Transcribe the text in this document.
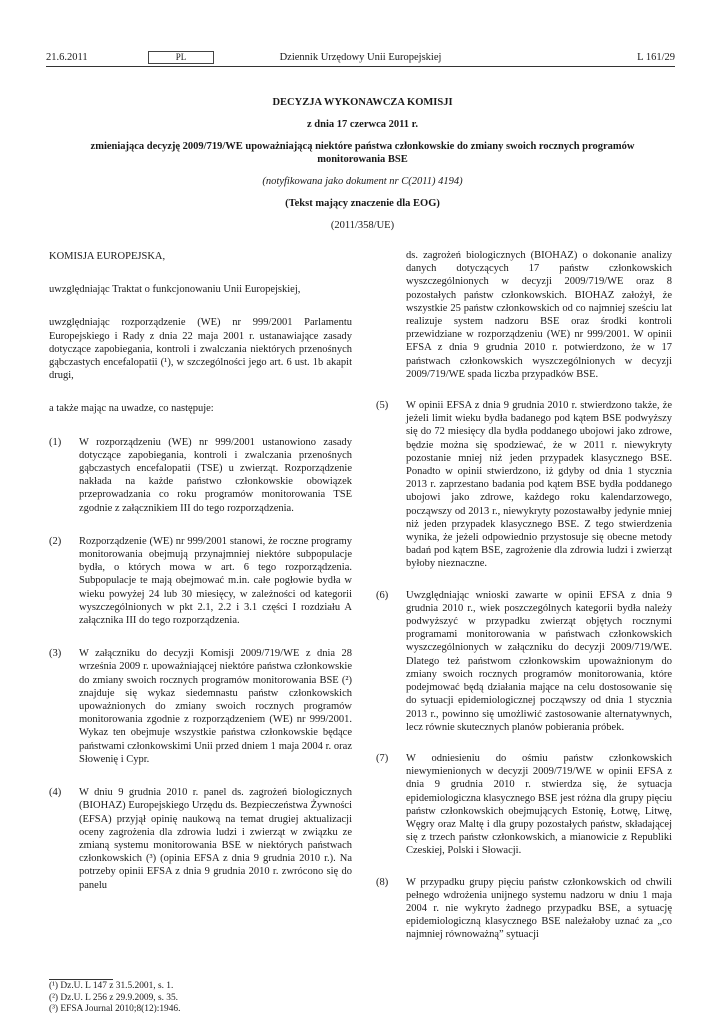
21.6.2011	PL	Dziennik Urzędowy Unii Europejskiej	L 161/29
DECYZJA WYKONAWCZA KOMISJI
z dnia 17 czerwca 2011 r.
zmieniająca decyzję 2009/719/WE upoważniającą niektóre państwa członkowskie do zmiany swoich rocznych programów monitorowania BSE
(notyfikowana jako dokument nr C(2011) 4194)
(Tekst mający znaczenie dla EOG)
(2011/358/UE)

KOMISJA EUROPEJSKA,

uwzględniając Traktat o funkcjonowaniu Unii Europejskiej,

uwzględniając rozporządzenie (WE) nr 999/2001 Parlamentu Europejskiego i Rady z dnia 22 maja 2001 r. ustanawiające zasady dotyczące zapobiegania, kontroli i zwalczania niektórych przenośnych gąbczastych encefalopatii (¹), w szczególności jego art. 6 ust. 1b akapit drugi,

a także mając na uwadze, co następuje:

(1) W rozporządzeniu (WE) nr 999/2001 ustanowiono zasady dotyczące zapobiegania, kontroli i zwalczania przenośnych gąbczastych encefalopatii (TSE) u zwierząt. Rozporządzenie nakłada na każde państwo członkowskie obowiązek przeprowadzania co roku programów monitorowania TSE zgodnie z załącznikiem III do tego rozporządzenia.
(2) Rozporządzenie (WE) nr 999/2001 stanowi, że roczne programy monitorowania obejmują przynajmniej niektóre subpopulacje bydła, o których mowa w art. 6 tego rozporządzenia. Subpopulacje te mają obejmować m.in. całe pogłowie bydła w wieku powyżej 24 lub 30 miesięcy, w zależności od kategorii wyszczególnionych w pkt 2.1, 2.2 i 3.1 części I rozdziału A załącznika III do tego rozporządzenia.
(3) W załączniku do decyzji Komisji 2009/719/WE z dnia 28 września 2009 r. upoważniającej niektóre państwa członkowskie do zmiany swoich rocznych programów monitorowania BSE (²) znajduje się wykaz siedemnastu państw członkowskich upoważnionych do zmiany swoich rocznych programów monitorowania zgodnie z rozporządzeniem (WE) nr 999/2001. Wykaz ten obejmuje wszystkie państwa członkowskie będące państwami członkowskimi Unii przed dniem 1 maja 2004 r. oraz Słowenię i Cypr.
(4) W dniu 9 grudnia 2010 r. panel ds. zagrożeń biologicznych (BIOHAZ) Europejskiego Urzędu ds. Bezpieczeństwa Żywności (EFSA) przyjął opinię naukową na temat drugiej aktualizacji oceny zagrożenia dla zdrowia ludzi i zwierząt w związku ze zmianą systemu monitorowania BSE w niektórych państwach członkowskich (³) (opinia EFSA z dnia 9 grudnia 2010 r.). Na potrzeby opinii EFSA z dnia 9 grudnia 2010 r. zwrócono się do panelu
ds. zagrożeń biologicznych (BIOHAZ) o dokonanie analizy danych dotyczących 17 państw członkowskich wyszczególnionych w decyzji 2009/719/WE oraz 8 pozostałych państw członkowskich. BIOHAZ założył, że wszystkie 25 państw członkowskich od co najmniej sześciu lat realizuje system nadzoru BSE oraz środki kontroli przewidziane w rozporządzeniu (WE) nr 999/2001. W opinii EFSA z dnia 9 grudnia 2010 r. potwierdzono, że w 17 państwach członkowskich wyszczególnionych w decyzji 2009/719/WE spada liczba przypadków BSE.
(5) W opinii EFSA z dnia 9 grudnia 2010 r. stwierdzono także, że jeżeli limit wieku bydła badanego pod kątem BSE podwyższy się do 72 miesięcy dla bydła poddanego ubojowi jako zdrowe, będzie można się spodziewać, że w 2011 r. niewykryty pozostanie mniej niż jeden przypadek klasycznego BSE. Ponadto w opinii stwierdzono, iż gdyby od dnia 1 stycznia 2013 r. zaprzestano badania pod kątem BSE bydła poddanego ubojowi jako zdrowe, każdego roku kalendarzowego, począwszy od 2013 r., niewykryty pozostawałby jedynie mniej niż jeden przypadek klasycznego BSE. Z tego stwierdzenia wynika, że jeżeli odpowiednio przystosuje się obecne metody badań pod kątem BSE, zagrożenie dla zdrowia ludzi i zwierząt byłoby nieznaczne.
(6) Uwzględniając wnioski zawarte w opinii EFSA z dnia 9 grudnia 2010 r., wiek poszczególnych kategorii bydła należy podwyższyć w przypadku zwierząt objętych rocznymi programami monitorowania w państwach członkowskich wyszczególnionych w załączniku do decyzji 2009/719/WE. Dlatego też państwom członkowskim upoważnionym do zmiany swoich rocznych programów monitorowania, które podejmować będą działania mające na celu dostosowanie się do sytuacji epidemiologicznej począwszy od dnia 1 stycznia 2013 r., powinno się umożliwić zastosowanie alternatywnych, lecz równie skutecznych planów pobierania próbek.
(7) W odniesieniu do ośmiu państw członkowskich niewymienionych w decyzji 2009/719/WE w opinii EFSA z dnia 9 grudnia 2010 r. stwierdza się, że sytuacja epidemiologiczna klasycznego BSE jest różna dla grupy pięciu państw członkowskich obejmujących Estonię, Łotwę, Litwę, Węgry oraz Maltę i dla grupy pozostałych państw, składającej się z trzech państw członkowskich, a mianowicie z Republiki Czeskiej, Polski i Słowacji.
(8) W przypadku grupy pięciu państw członkowskich od chwili pełnego wdrożenia unijnego systemu nadzoru w dniu 1 maja 2004 r. nie wykryto żadnego przypadku BSE, a sytuację epidemiologiczną klasycznego BSE należałoby uznać za „co najmniej równoważną” sytuacji
(¹) Dz.U. L 147 z 31.5.2001, s. 1.
(²) Dz.U. L 256 z 29.9.2009, s. 35.
(³) EFSA Journal 2010;8(12):1946.
